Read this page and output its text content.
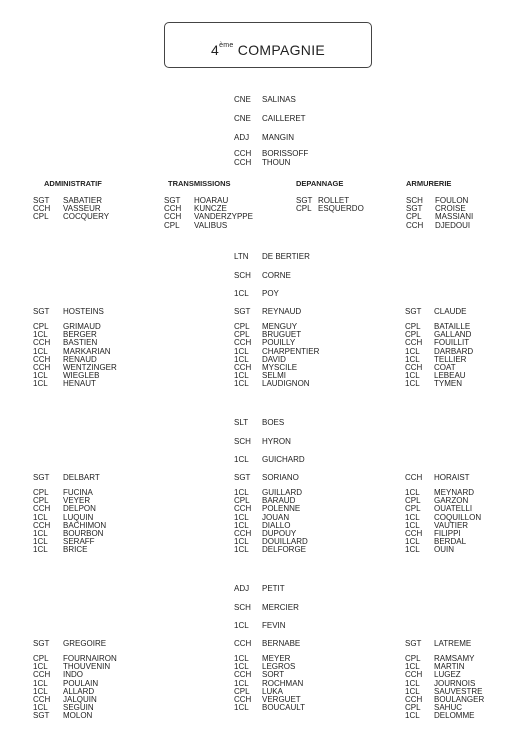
4ème COMPAGNIE
CNE SALINAS
CNE CAILLERET
ADJ MANGIN
CCH BORISSOFF
CCH THOUN
ADMINISTRATIF
SGT SABATIER
CCH VASSEUR
CPL COCQUERY
TRANSMISSIONS
SGT HOARAU
CCH KUNCZE
CCH VANDERZYPPE
CPL VALIBUS
DEPANNAGE
SGT ROLLET
CPL ESQUERDO
ARMURERIE
SCH FOULON
SGT CROISE
CPL MASSIANI
CCH DJEDOUI
LTN DE BERTIER
SCH CORNE
1CL POY
SGT HOSTEINS
CPL GRIMAUD
1CL BERGER
CCH BASTIEN
1CL MARKARIAN
CCH RENAUD
CCH WENTZINGER
1CL WIEGLEB
1CL HENAUT
SGT REYNAUD
CPL MENGUY
CPL BRUGUET
CCH POUILLY
1CL CHARPENTIER
1CL DAVID
CCH MYSCILE
1CL SELMI
1CL LAUDIGNON
SGT CLAUDE
CPL BATAILLE
CPL GALLAND
CCH FOUILLIT
1CL DARBARD
1CL TELLIER
CCH COAT
1CL LEBEAU
1CL TYMEN
SLT BOES
SCH HYRON
1CL GUICHARD
SGT DELBART
CPL FUCINA
CPL VEYER
CCH DELPON
1CL LUQUIN
CCH BACHIMON
1CL BOURBON
1CL SERAFF
1CL BRICE
SGT SORIANO
1CL GUILLARD
CPL BARAUD
CCH POLENNE
1CL JOUAN
1CL DIALLO
CCH DUPOUY
1CL DOUILLARD
1CL DELFORGE
CCH HORAIST
1CL MEYNARD
CPL GARZON
CPL OUATELLI
1CL COQUILLON
1CL VAUTIER
CCH FILIPPI
1CL BERDAL
1CL OUIN
ADJ PETIT
SCH MERCIER
1CL FEVIN
SGT GREGOIRE
CPL FOURNAIRON
1CL THOUVENIN
CCH INDO
1CL POULAIN
1CL ALLARD
CCH JALQUIN
1CL SEGUIN
SGT MOLON
CCH BERNABE
1CL MEYER
1CL LEGROS
CCH SORT
1CL ROCHMAN
CPL LUKA
CCH VERGUET
1CL BOUCAULT
SGT LATREME
CPL RAMSAMY
1CL MARTIN
CCH LUGEZ
1CL JOURNOIS
1CL SAUVESTRE
CCH BOULANGER
CPL SAHUC
1CL DELOMME
